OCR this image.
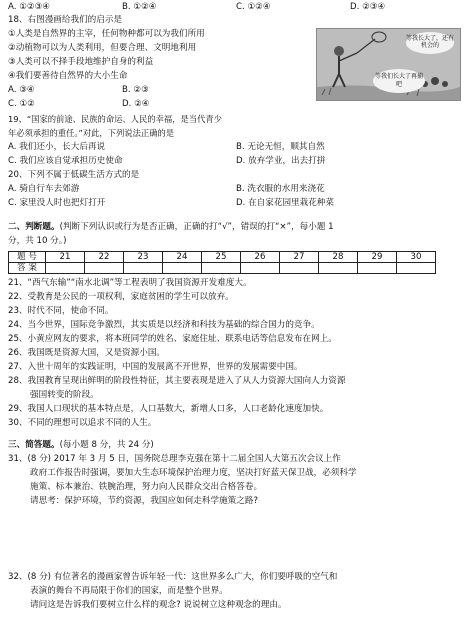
A. ①②③④	B. ①②④	C. ①②④	D. ②③④
18、右图漫画给我们的启示是
①人类是自然界的主宰，任何物种都可以为我们所用
②动植物可以为人类利用，但要合理、文明地利用
③人类可以不择手段地维护自身的利益
④我们要善待自然界的大小生命
A. ③④	B. ②③
C. ①②	D. ②④
等我长大了，还有机会的
等我们长大了再捕吧
19、“国家的前途、民族的命运、人民的幸福，是当代青少
年必须承担的重任。”对此，下列说法正确的是
A. 我们还小，长大后再说	B. 无论无恒，顺其自然
C. 我们应该自觉承担历史使命	D. 放弃学业，出去打拼
20、下列不属于低碳生活方式的是
A. 骑自行车去郊游	B. 洗衣服的水用来浇花
C. 家里没人时也把灯打开	D. 在自家花园里栽花种菜
二、判断题。(判断下列认识或行为是否正确，正确的打“√”，错误的打“×”，每小题 1
分，共 10 分。)
题 号	21	22	23	24	25	26	27	28	29	30
答 案										
21、“西气东输”“南水北调”等工程表明了我国资源开发难度大。
22、受教育是公民的一项权利，家庭贫困的学生可以放弃。
23、时代不同，使命不同。
24、当今世界，国际竞争激烈，其实质是以经济和科技为基础的综合国力的竞争。
25、小黄应网友的要求，将本班同学的姓名、家庭住址、联系电话等信息发布在网上。
26、我国既是资源大国，又是资源小国。
27、入世十周年的实践证明，中国的发展离不开世界，世界的发展需要中国。
28、我国教育呈现出鲜明的阶段性特征，其主要表现是进入了从人力资源大国向人力资源
强国转变的阶段。
29、我国人口现状的基本特点是，人口基数大，新增人口多，人口老龄化速度加快。
30、不同的理想可以追求不同的人生。
三、简答题。(每小题 8 分，共 24 分)
31、(8 分) 2017 年 3 月 5 日，国务院总理李克强在第十二届全国人大第五次会议上作
政府工作报告时强调，要加大生态环境保护治理力度，坚决打好蓝天保卫战，必须科学
施策、标本兼治、铁腕治理，努力向人民群众交出合格答卷。
请思考：保护环境，节约资源，我国应如何走科学施策之路?
32、(8 分) 有位著名的漫画家曾告诉年轻一代：这世界多么广大，你们要呼吸的空气和
表演的舞台不再局限于你们的国家，而是整个世界。
请问这是告诉我们要树立什么样的观念? 说说树立这种观念的理由。
